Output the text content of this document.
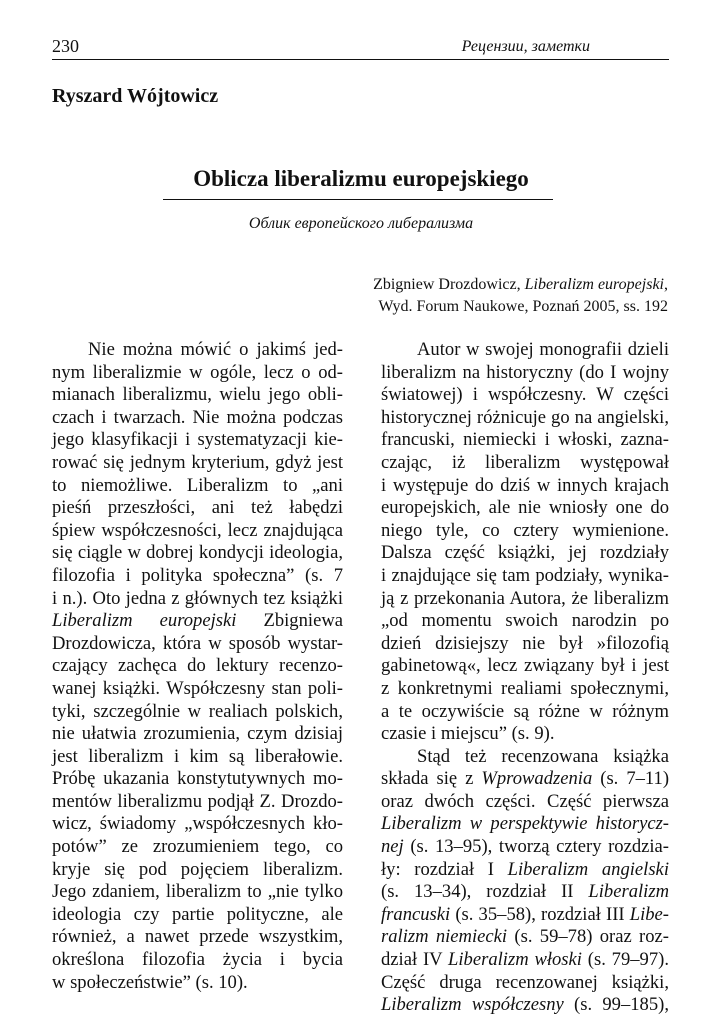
230	Рецензии, заметки
Ryszard Wójtowicz
Oblicza liberalizmu europejskiego
Облик европейского либерализма
Zbigniew Drozdowicz, Liberalizm europejski,
Wyd. Forum Naukowe, Poznań 2005, ss. 192
Nie można mówić o jakimś jed-
nym liberalizmie w ogóle, lecz o od-
mianach liberalizmu, wielu jego obli-
czach i twarzach. Nie można podczas
jego klasyfikacji i systematyzacji kie-
rować się jednym kryterium, gdyż jest
to niemożliwe. Liberalizm to „ani
pieśń przeszłości, ani też łabędzi
śpiew współczesności, lecz znajdująca
się ciągle w dobrej kondycji ideologia,
filozofia i polityka społeczna” (s. 7
i n.). Oto jedna z głównych tez książki
Liberalizm europejski Zbigniewa
Drozdowicza, która w sposób wystar-
czający zachęca do lektury recenzo-
wanej książki. Współczesny stan poli-
tyki, szczególnie w realiach polskich,
nie ułatwia zrozumienia, czym dzisiaj
jest liberalizm i kim są liberałowie.
Próbę ukazania konstytutywnych mo-
mentów liberalizmu podjął Z. Drozdo-
wicz, świadomy „współczesnych kło-
potów” ze zrozumieniem tego, co
kryje się pod pojęciem liberalizm.
Jego zdaniem, liberalizm to „nie tylko
ideologia czy partie polityczne, ale
również, a nawet przede wszystkim,
określona filozofia życia i bycia
w społeczeństwie” (s. 10).
Autor w swojej monografii dzieli
liberalizm na historyczny (do I wojny
światowej) i współczesny. W części
historycznej różnicuje go na angielski,
francuski, niemiecki i włoski, zazna-
czając, iż liberalizm występował
i występuje do dziś w innych krajach
europejskich, ale nie wniosły one do
niego tyle, co cztery wymienione.
Dalsza część książki, jej rozdziały
i znajdujące się tam podziały, wynika-
ją z przekonania Autora, że liberalizm
„od momentu swoich narodzin po
dzień dzisiejszy nie był »filozofią
gabinetową«, lecz związany był i jest
z konkretnymi realiami społecznymi,
a te oczywiście są różne w różnym
czasie i miejscu” (s. 9).
Stąd też recenzowana książka
składa się z Wprowadzenia (s. 7–11)
oraz dwóch części. Część pierwsza
Liberalizm w perspektywie historycz-
nej (s. 13–95), tworzą cztery rozdzia-
ły: rozdział I Liberalizm angielski
(s. 13–34), rozdział II Liberalizm
francuski (s. 35–58), rozdział III Libe-
ralizm niemiecki (s. 59–78) oraz roz-
dział IV Liberalizm włoski (s. 79–97).
Część druga recenzowanej książki,
Liberalizm współczesny (s. 99–185),
